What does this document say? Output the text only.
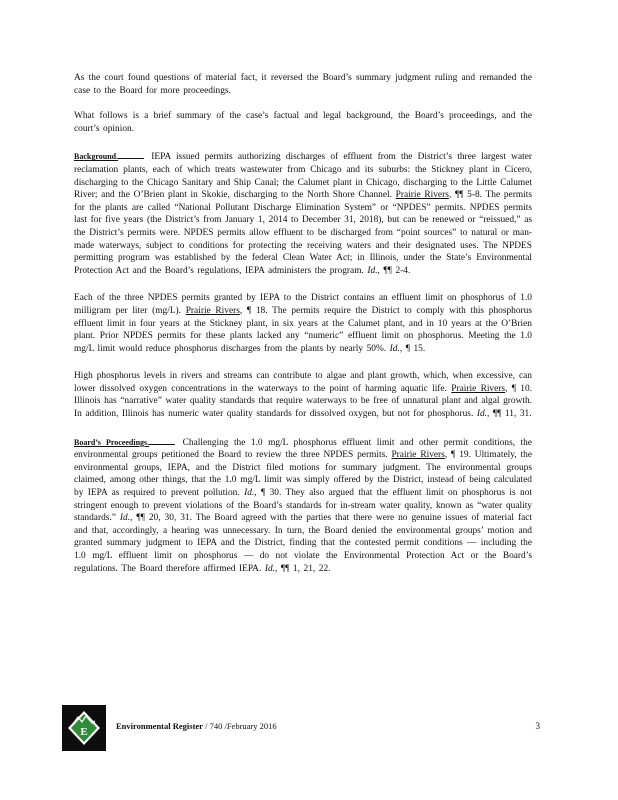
As the court found questions of material fact, it reversed the Board’s summary judgment ruling and remanded the case to the Board for more proceedings.

What follows is a brief summary of the case’s factual and legal background, the Board’s proceedings, and the court’s opinion.

Background.	IEPA issued permits authorizing discharges of effluent from the District’s three largest water reclamation plants, each of which treats wastewater from Chicago and its suburbs: the Stickney plant in Cicero, discharging to the Chicago Sanitary and Ship Canal; the Calumet plant in Chicago, discharging to the Little Calumet River; and the O’Brien plant in Skokie, discharging to the North Shore Channel. Prairie Rivers, ¶¶ 5-8. The permits for the plants are called “National Pollutant Discharge Elimination System” or “NPDES” permits. NPDES permits last for five years (the District’s from January 1, 2014 to December 31, 2018), but can be renewed or “reissued,” as the District’s permits were. NPDES permits allow effluent to be discharged from “point sources” to natural or man-made waterways, subject to conditions for protecting the receiving waters and their designated uses. The NPDES permitting program was established by the federal Clean Water Act; in Illinois, under the State’s Environmental Protection Act and the Board’s regulations, IEPA administers the program. Id., ¶¶ 2-4.

Each of the three NPDES permits granted by IEPA to the District contains an effluent limit on phosphorus of 1.0 milligram per liter (mg/L). Prairie Rivers, ¶ 18. The permits require the District to comply with this phosphorus effluent limit in four years at the Stickney plant, in six years at the Calumet plant, and in 10 years at the O’Brien plant. Prior NPDES permits for these plants lacked any “numeric” effluent limit on phosphorus. Meeting the 1.0 mg/L limit would reduce phosphorus discharges from the plants by nearly 50%. Id., ¶ 15.

High phosphorus levels in rivers and streams can contribute to algae and plant growth, which, when excessive, can lower dissolved oxygen concentrations in the waterways to the point of harming aquatic life. Prairie Rivers, ¶ 10. Illinois has “narrative” water quality standards that require waterways to be free of unnatural plant and algal growth. In addition, Illinois has numeric water quality standards for dissolved oxygen, but not for phosphorus. Id., ¶¶ 11, 31.

Board’s Proceedings.	Challenging the 1.0 mg/L phosphorus effluent limit and other permit conditions, the environmental groups petitioned the Board to review the three NPDES permits. Prairie Rivers, ¶ 19. Ultimately, the environmental groups, IEPA, and the District filed motions for summary judgment. The environmental groups claimed, among other things, that the 1.0 mg/L limit was simply offered by the District, instead of being calculated by IEPA as required to prevent pollution. Id., ¶ 30. They also argued that the effluent limit on phosphorus is not stringent enough to prevent violations of the Board’s standards for in-stream water quality, known as “water quality standards.” Id., ¶¶ 20, 30, 31. The Board agreed with the parties that there were no genuine issues of material fact and that, accordingly, a hearing was unnecessary. In turn, the Board denied the environmental groups’ motion and granted summary judgment to IEPA and the District, finding that the contested permit conditions — including the 1.0 mg/L effluent limit on phosphorus — do not violate the Environmental Protection Act or the Board’s regulations. The Board therefore affirmed IEPA. Id., ¶¶ 1, 21, 22.

E	Environmental Register / 740 /February 2016	3
